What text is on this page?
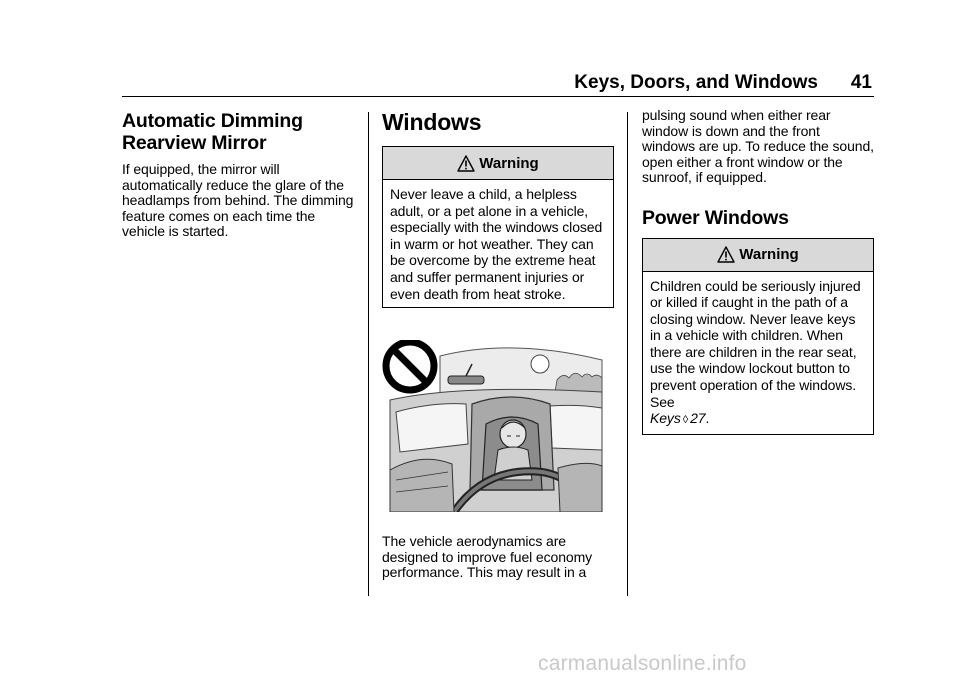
Keys, Doors, and Windows 41
Automatic Dimming Rearview Mirror

If equipped, the mirror will automatically reduce the glare of the headlamps from behind. The dimming feature comes on each time the vehicle is started.

Windows
Warning
Never leave a child, a helpless adult, or a pet alone in a vehicle, especially with the windows closed in warm or hot weather. They can be overcome by the extreme heat and suffer permanent injuries or even death from heat stroke.

The vehicle aerodynamics are designed to improve fuel economy performance. This may result in a

pulsing sound when either rear window is down and the front windows are up. To reduce the sound, open either a front window or the sunroof, if equipped.

Power Windows
Warning
Children could be seriously injured or killed if caught in the path of a closing window. Never leave keys in a vehicle with children. When there are children in the rear seat, use the window lockout button to prevent operation of the windows. See
Keys ◊ 27.
carmanualsonline.info
